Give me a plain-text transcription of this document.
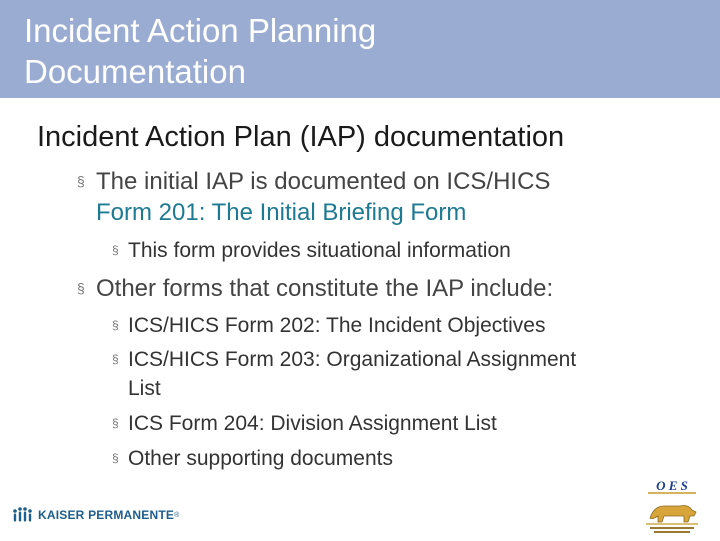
Incident Action Planning
Documentation
Incident Action Plan (IAP) documentation
§ The initial IAP is documented on ICS/HICS
Form 201: The Initial Briefing Form
§ This form provides situational information
§ Other forms that constitute the IAP include:
§ ICS/HICS Form 202: The Incident Objectives
§ ICS/HICS Form 203: Organizational Assignment
List
§ ICS Form 204: Division Assignment List
§ Other supporting documents
KAISER PERMANENTE ®
O E S
